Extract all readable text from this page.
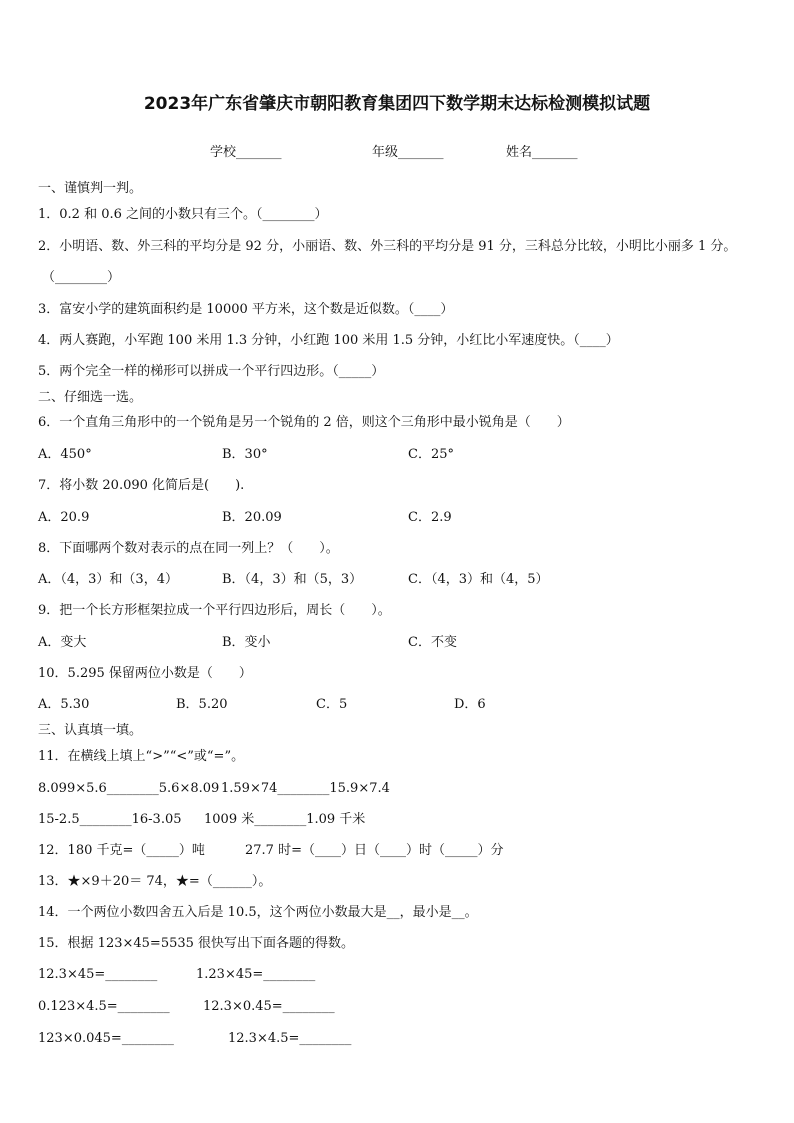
2023年广东省肇庆市朝阳教育集团四下数学期末达标检测模拟试题
学校_______	年级_______	姓名_______
一、谨慎判一判。
1．0.2 和 0.6 之间的小数只有三个。（________）
2．小明语、数、外三科的平均分是 92 分，小丽语、数、外三科的平均分是 91 分，三科总分比较，小明比小丽多 1 分。
（________）
3．富安小学的建筑面积约是 10000 平方米，这个数是近似数。（____）
4．两人赛跑，小军跑 100 米用 1.3 分钟，小红跑 100 米用 1.5 分钟，小红比小军速度快。（____）
5．两个完全一样的梯形可以拼成一个平行四边形。（_____）
二、仔细选一选。
6．一个直角三角形中的一个锐角是另一个锐角的 2 倍，则这个三角形中最小锐角是（　　）
A．450°	B．30°	C．25°
7．将小数 20.090 化简后是(　　).
A．20.9	B．20.09	C．2.9
8．下面哪两个数对表示的点在同一列上？（　　）。
A．（4，3）和（3，4）	B．（4，3）和（5，3）	C．（4，3）和（4，5）
9．把一个长方形框架拉成一个平行四边形后，周长（　　）。
A．变大	B．变小	C．不变
10．5.295 保留两位小数是（　　）
A．5.30	B．5.20	C．5	D．6
三、认真填一填。
11．在横线上填上“>”“<”或“=”。
8.099×5.6________5.6×8.09 1.59×74________15.9×7.4
15-2.5________16-3.05 1009 米________1.09 千米
12．180 千克=（_____）吨	27.7 时=（____）日（____）时（_____）分
13．★×9＋20＝ 74，★=（______）。
14．一个两位小数四舍五入后是 10.5，这个两位小数最大是__，最小是__。
15．根据 123×45=5535 很快写出下面各题的得数。
12.3×45=________	1.23×45=________
0.123×4.5=________	12.3×0.45=________
123×0.045=________	12.3×4.5=________
